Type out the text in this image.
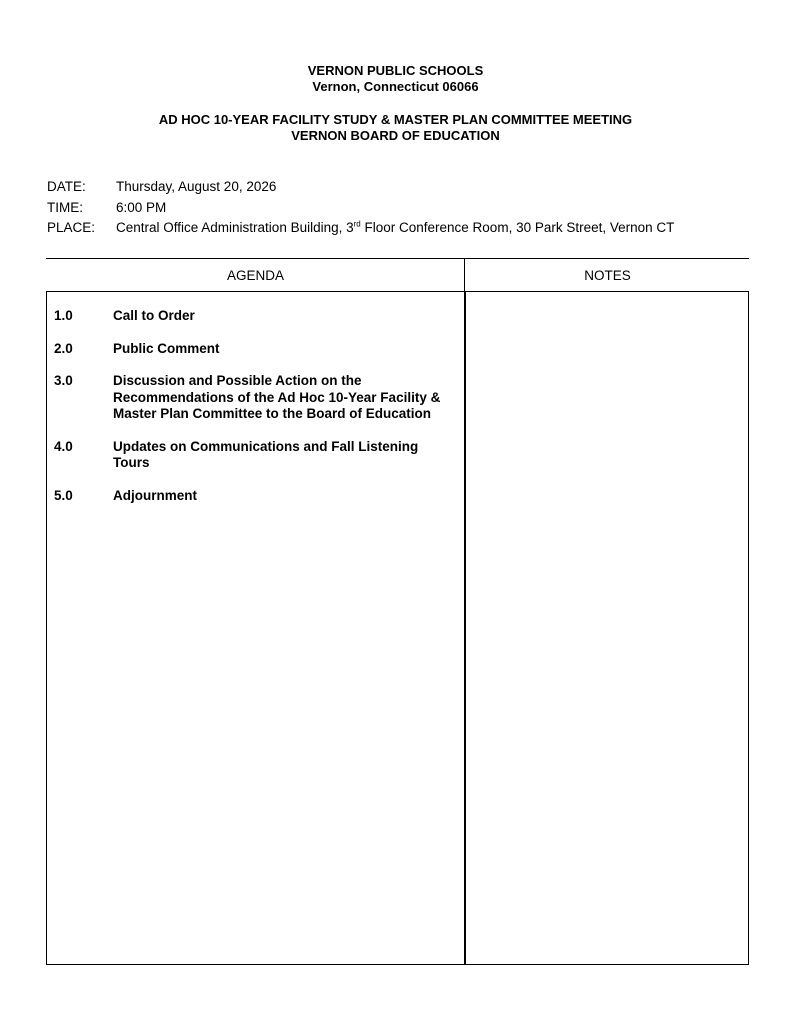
VERNON PUBLIC SCHOOLS
Vernon, Connecticut 06066
AD HOC 10-YEAR FACILITY STUDY & MASTER PLAN COMMITTEE MEETING
VERNON BOARD OF EDUCATION
DATE: Thursday, August 20, 2026
TIME: 6:00 PM
PLACE: Central Office Administration Building, 3rd Floor Conference Room, 30 Park Street, Vernon CT
AGENDA	NOTES
1.0	Call to Order
2.0	Public Comment
3.0	Discussion and Possible Action on the Recommendations of the Ad Hoc 10-Year Facility & Master Plan Committee to the Board of Education
4.0	Updates on Communications and Fall Listening Tours
5.0	Adjournment
